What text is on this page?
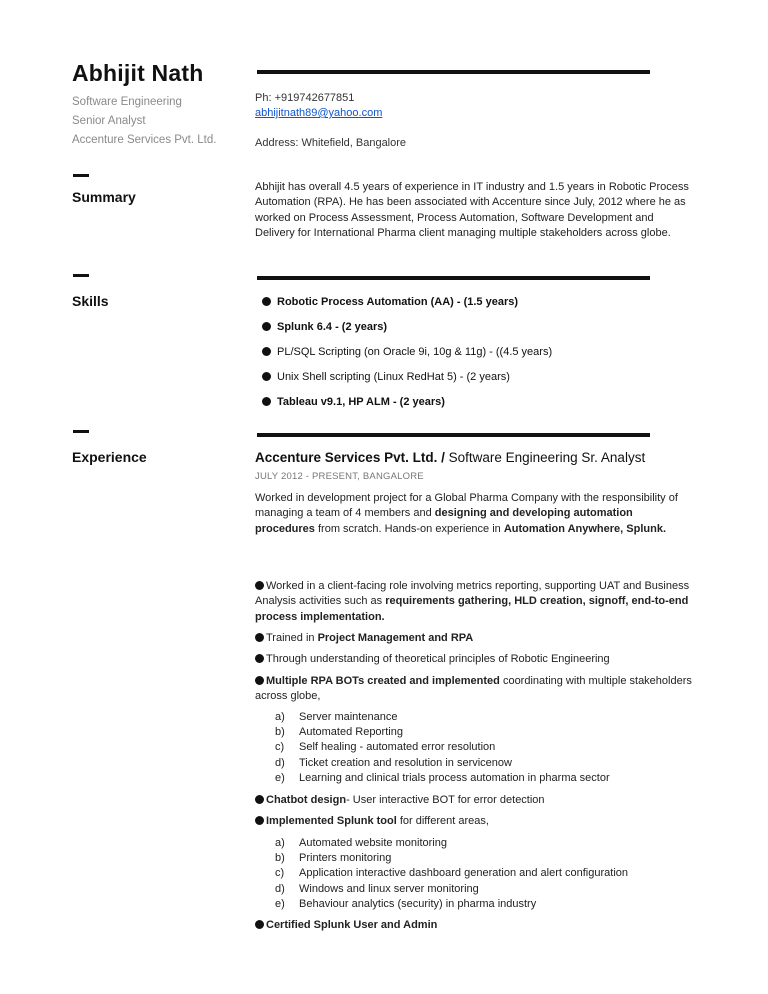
Abhijit Nath
Software Engineering
Senior Analyst
Accenture Services Pvt. Ltd.
Ph: +919742677851
abhijitnath89@yahoo.com
Address: Whitefield, Bangalore
Summary
Abhijit has overall 4.5 years of experience in IT industry and 1.5 years in Robotic Process Automation (RPA). He has been associated with Accenture since July, 2012 where he as worked on Process Assessment, Process Automation, Software Development and Delivery for International Pharma client managing multiple stakeholders across globe.
Skills	Robotic Process Automation (AA) - (1.5 years)
Splunk 6.4 - (2 years)
PL/SQL Scripting (on Oracle 9i, 10g & 11g) - ((4.5 years)
Unix Shell scripting (Linux RedHat 5) - (2 years)
Tableau v9.1, HP ALM - (2 years)
Experience	Accenture Services Pvt. Ltd. / Software Engineering Sr. Analyst
JULY 2012 - PRESENT, BANGALORE
Worked in development project for a Global Pharma Company with the responsibility of managing a team of 4 members and designing and developing automation procedures from scratch. Hands-on experience in Automation Anywhere, Splunk.
Worked in a client-facing role involving metrics reporting, supporting UAT and Business Analysis activities such as requirements gathering, HLD creation, signoff, end-to-end process implementation.
Trained in Project Management and RPA
Through understanding of theoretical principles of Robotic Engineering
Multiple RPA BOTs created and implemented coordinating with multiple stakeholders across globe,
a)	Server maintenance
b)	Automated Reporting
c)	Self healing - automated error resolution
d)	Ticket creation and resolution in servicenow
e)	Learning and clinical trials process automation in pharma sector
Chatbot design- User interactive BOT for error detection
Implemented Splunk tool for different areas,
a)	Automated website monitoring
b)	Printers monitoring
c)	Application interactive dashboard generation and alert configuration
d)	Windows and linux server monitoring
e)	Behaviour analytics (security) in pharma industry
Certified Splunk User and Admin
